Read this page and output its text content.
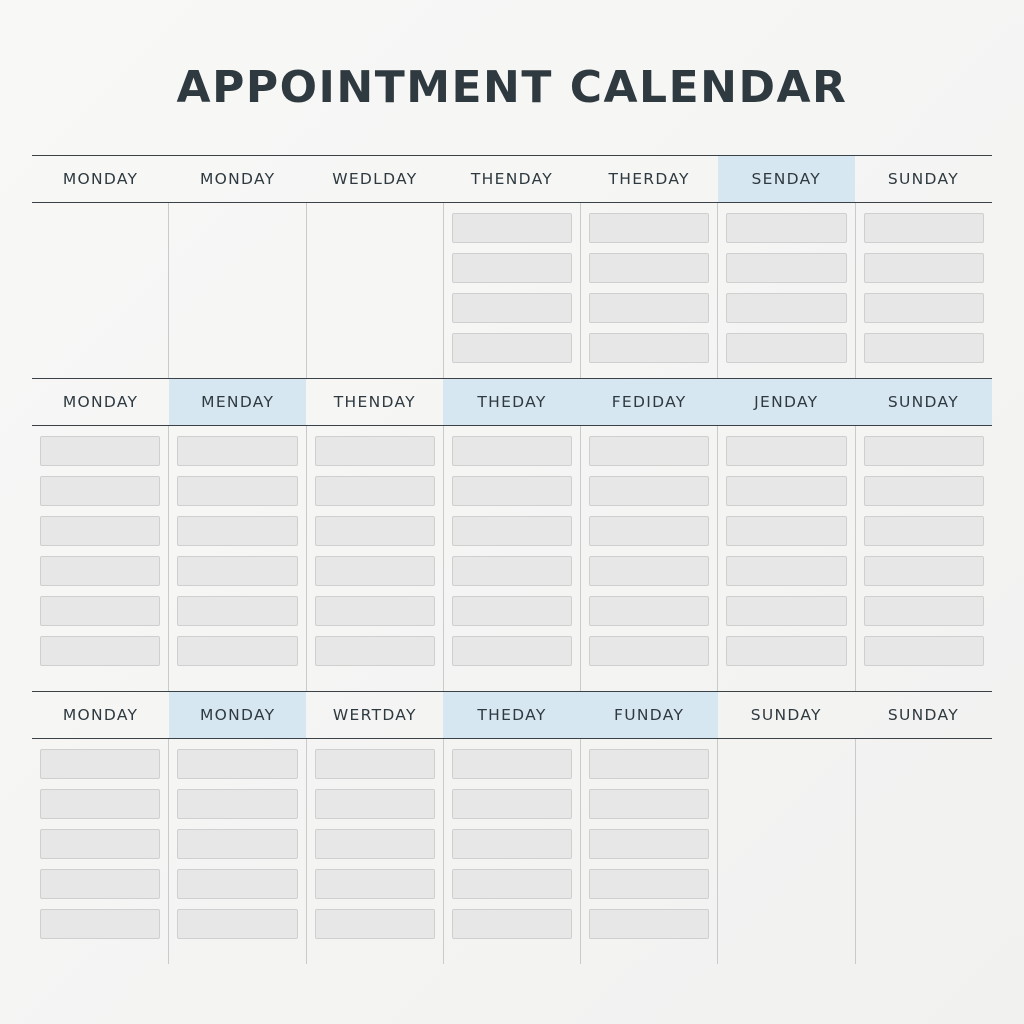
APPOINTMENT CALENDAR
MONDAY	MONDAY	WEDLDAY	THENDAY	THERDAY	SENDAY	SUNDAY
MONDAY	MENDAY	THENDAY	THEDAY	FEDIDAY	JENDAY	SUNDAY
MONDAY	MONDAY	WERTDAY	THEDAY	FUNDAY	SUNDAY	SUNDAY
